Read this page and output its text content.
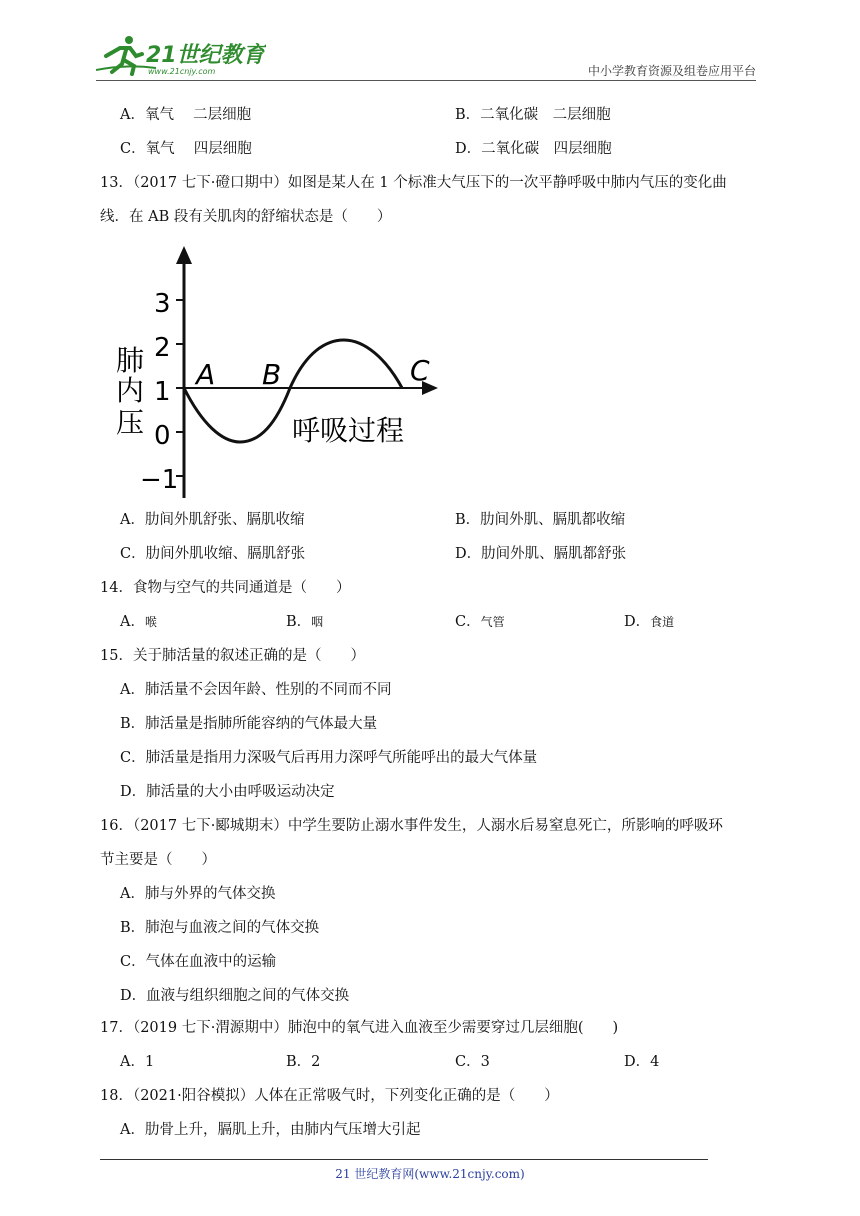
21世纪教育
www.21cnjy.com	中小学教育资源及组卷应用平台
A．氧气　 二层细胞	B．二氧化碳　二层细胞
C．氧气　 四层细胞	D．二氧化碳　四层细胞
13．（2017 七下·磴口期中）如图是某人在 1 个标准大气压下的一次平静呼吸中肺内气压的变化曲
线．在 AB 段有关肌肉的舒缩状态是（　　）
3
2
1
0
−1
肺
内
压
A B	C
呼吸过程
A．肋间外肌舒张、膈肌收缩	B．肋间外肌、膈肌都收缩
C．肋间外肌收缩、膈肌舒张	D．肋间外肌、膈肌都舒张
14．食物与空气的共同通道是（　　）
A．喉	B．咽	C．气管	D．食道
15．关于肺活量的叙述正确的是（　　）
A．肺活量不会因年龄、性别的不同而不同
B．肺活量是指肺所能容纳的气体最大量
C．肺活量是指用力深吸气后再用力深呼气所能呼出的最大气体量
D．肺活量的大小由呼吸运动决定
16．（2017 七下·郾城期末）中学生要防止溺水事件发生，人溺水后易窒息死亡，所影响的呼吸环
节主要是（　　）
A．肺与外界的气体交换
B．肺泡与血液之间的气体交换
C．气体在血液中的运输
D．血液与组织细胞之间的气体交换
17．（2019 七下·渭源期中）肺泡中的氧气进入血液至少需要穿过几层细胞(　　)
A．1	B．2	C．3	D．4
18．（2021·阳谷模拟）人体在正常吸气时，下列变化正确的是（　　）
A．肋骨上升，膈肌上升，由肺内气压增大引起
21 世纪教育网(www.21cnjy.com)
